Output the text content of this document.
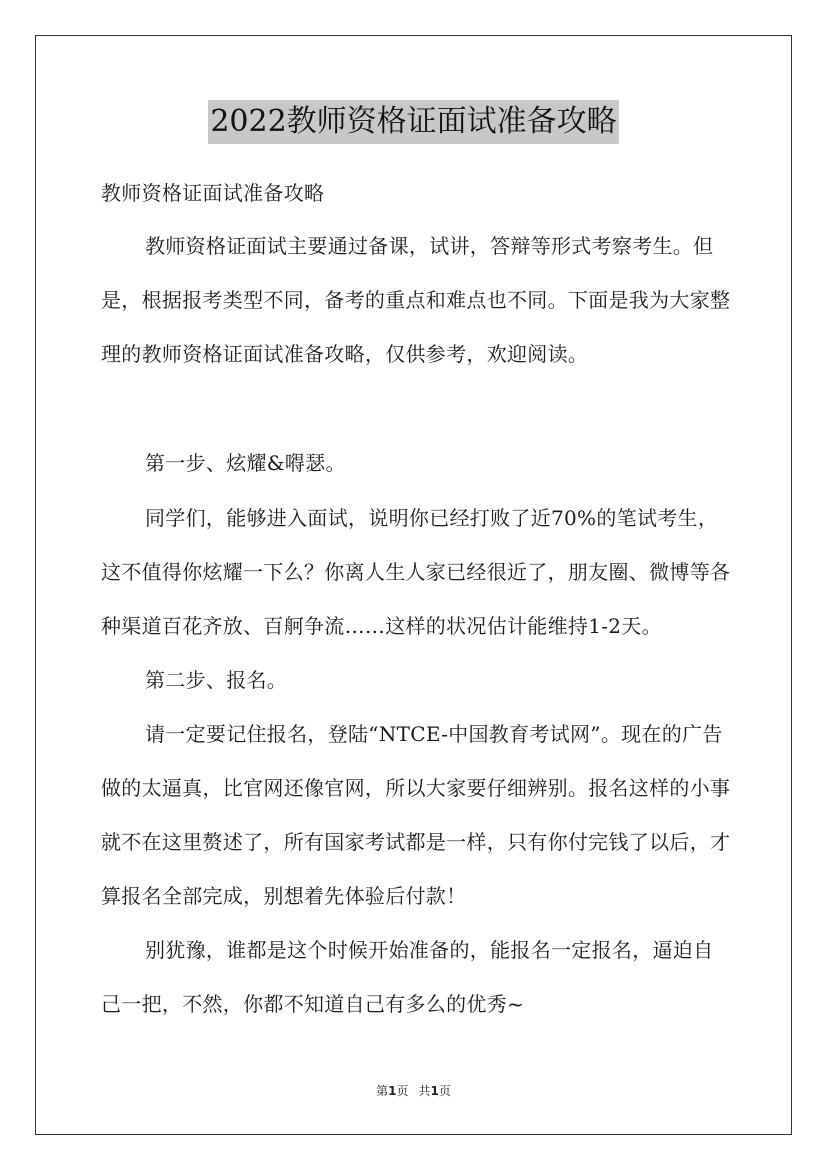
2022教师资格证面试准备攻略

教师资格证面试准备攻略

教师资格证面试主要通过备课，试讲，答辩等形式考察考生。但是，根据报考类型不同，备考的重点和难点也不同。下面是我为大家整理的教师资格证面试准备攻略，仅供参考，欢迎阅读。

第一步、炫耀&嘚瑟。

同学们，能够进入面试，说明你已经打败了近70%的笔试考生，这不值得你炫耀一下么？你离人生人家已经很近了，朋友圈、微博等各种渠道百花齐放、百舸争流……这样的状况估计能维持1-2天。

第二步、报名。

请一定要记住报名，登陆“NTCE-中国教育考试网”。现在的广告做的太逼真，比官网还像官网，所以大家要仔细辨别。报名这样的小事就不在这里赘述了，所有国家考试都是一样，只有你付完钱了以后，才算报名全部完成，别想着先体验后付款！

别犹豫，谁都是这个时候开始准备的，能报名一定报名，逼迫自己一把，不然，你都不知道自己有多么的优秀~

第1页 共1页
